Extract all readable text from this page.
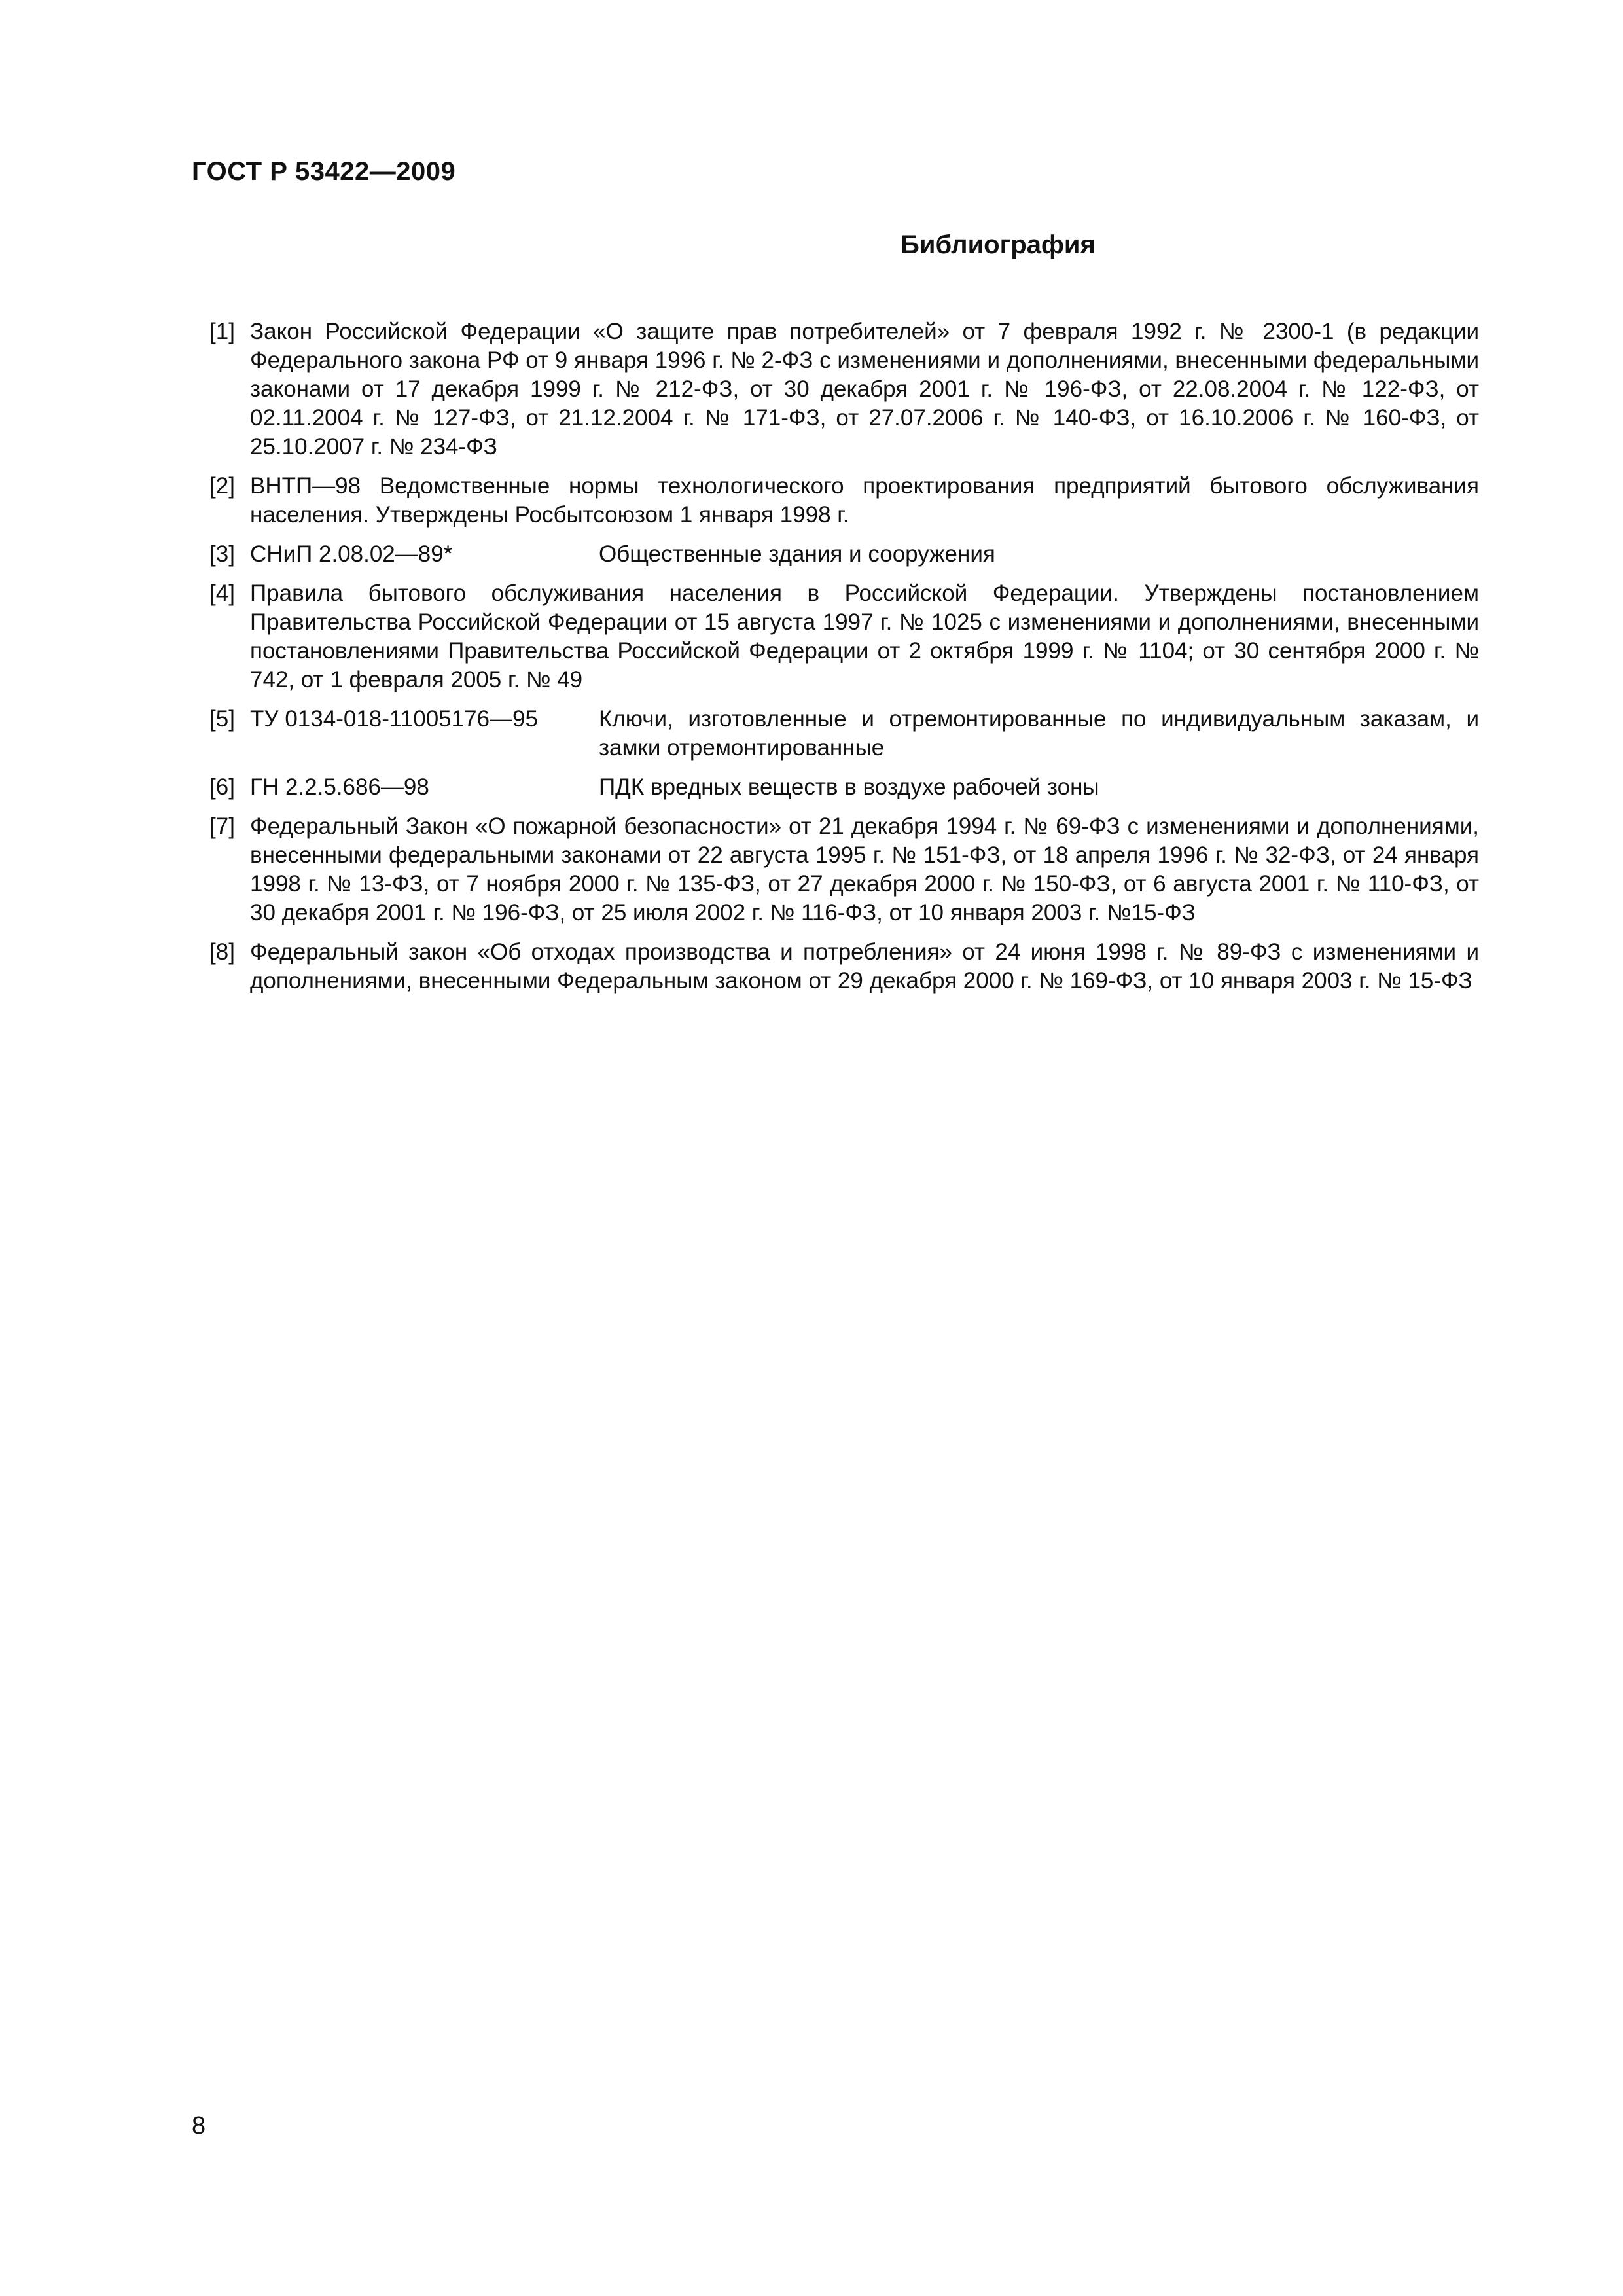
ГОСТ Р 53422—2009
Библиография
[1] Закон Российской Федерации «О защите прав потребителей» от 7 февраля 1992 г. № 2300-1 (в редакции Федерального закона РФ от 9 января 1996 г. № 2-ФЗ с изменениями и дополнениями, внесенными федеральными законами от 17 декабря 1999 г. № 212-ФЗ, от 30 декабря 2001 г. № 196-ФЗ, от 22.08.2004 г. № 122-ФЗ, от 02.11.2004 г. № 127-ФЗ, от 21.12.2004 г. № 171-ФЗ, от 27.07.2006 г. № 140-ФЗ, от 16.10.2006 г. № 160-ФЗ, от 25.10.2007 г. № 234-ФЗ
[2] ВНТП—98 Ведомственные нормы технологического проектирования предприятий бытового обслуживания населения. Утверждены Росбытсоюзом 1 января 1998 г.
[3] СНиП 2.08.02—89*	Общественные здания и сооружения
[4] Правила бытового обслуживания населения в Российской Федерации. Утверждены постановлением Правительства Российской Федерации от 15 августа 1997 г. № 1025 с изменениями и дополнениями, внесенными постановлениями Правительства Российской Федерации от 2 октября 1999 г. № 1104; от 30 сентября 2000 г. № 742, от 1 февраля 2005 г. № 49
[5] ТУ 0134-018-11005176—95	Ключи, изготовленные и отремонтированные по индивидуальным заказам, и замки отремонтированные
[6] ГН 2.2.5.686—98	ПДК вредных веществ в воздухе рабочей зоны
[7] Федеральный Закон «О пожарной безопасности» от 21 декабря 1994 г. № 69-ФЗ с изменениями и дополнениями, внесенными федеральными законами от 22 августа 1995 г. № 151-ФЗ, от 18 апреля 1996 г. № 32-ФЗ, от 24 января 1998 г. № 13-ФЗ, от 7 ноября 2000 г. № 135-ФЗ, от 27 декабря 2000 г. № 150-ФЗ, от 6 августа 2001 г. № 110-ФЗ, от 30 декабря 2001 г. № 196-ФЗ, от 25 июля 2002 г. № 116-ФЗ, от 10 января 2003 г. №15-ФЗ
[8] Федеральный закон «Об отходах производства и потребления» от 24 июня 1998 г. № 89-ФЗ с изменениями и дополнениями, внесенными Федеральным законом от 29 декабря 2000 г. № 169-ФЗ, от 10 января 2003 г. № 15-ФЗ
8
